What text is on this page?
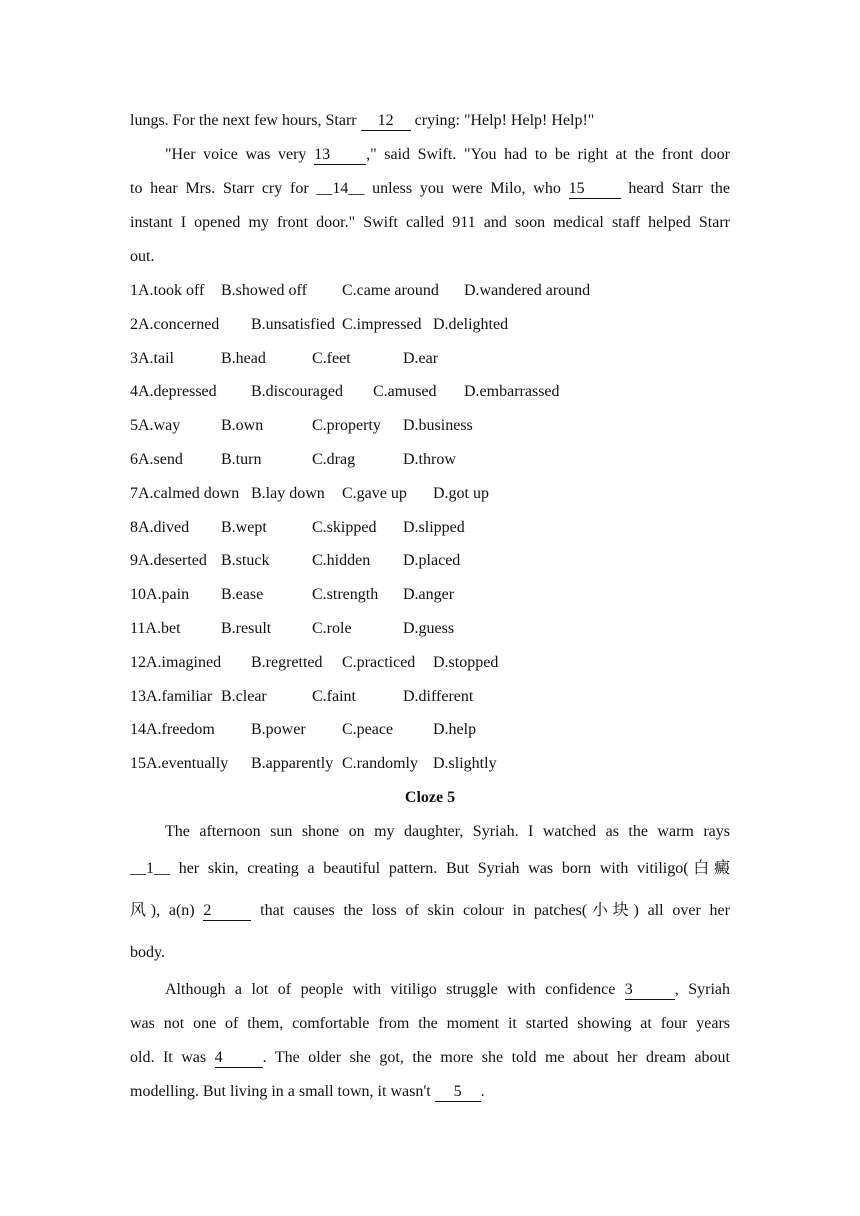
lungs. For the next few hours, Starr 12 crying: "Help! Help! Help!"
"Her voice was very 13 ," said Swift. "You had to be right at the front door
to hear Mrs. Starr cry for __14__ unless you were Milo, who 15 heard Starr the
instant I opened my front door." Swift called 911 and soon medical staff helped Starr
out.
1A.took off B.showed off C.came around D.wandered around
2A.concerned B.unsatisfied C.impressed D.delighted
3A.tail	B.head	C.feet	D.ear
4A.depressed B.discouraged C.amused D.embarrassed
5A.way	B.own	C.property D.business
6A.send B.turn	C.drag	D.throw
7A.calmed down B.lay down C.gave up D.got up
8A.dived B.wept	C.skipped D.slipped
9A.deserted B.stuck	C.hidden D.placed
10A.pain B.ease	C.strength D.anger
11A.bet	B.result	C.role	D.guess
12A.imagined B.regretted C.practiced D.stopped
13A.familiar B.clear	C.faint	D.different
14A.freedom B.power C.peace D.help
15A.eventually B.apparently C.randomly D.slightly
Cloze 5
The afternoon sun shone on my daughter, Syriah. I watched as the warm rays
__1__ her skin, creating a beautiful pattern. But Syriah was born with vitiligo(白癜
风), a(n) 2	that causes the loss of skin colour in patches(小块) all over her
body.
Although a lot of people with vitiligo struggle with confidence 3	, Syriah
was not one of them, comfortable from the moment it started showing at four years
old. It was 4	. The older she got, the more she told me about her dream about
modelling. But living in a small town, it wasn't 5 .
